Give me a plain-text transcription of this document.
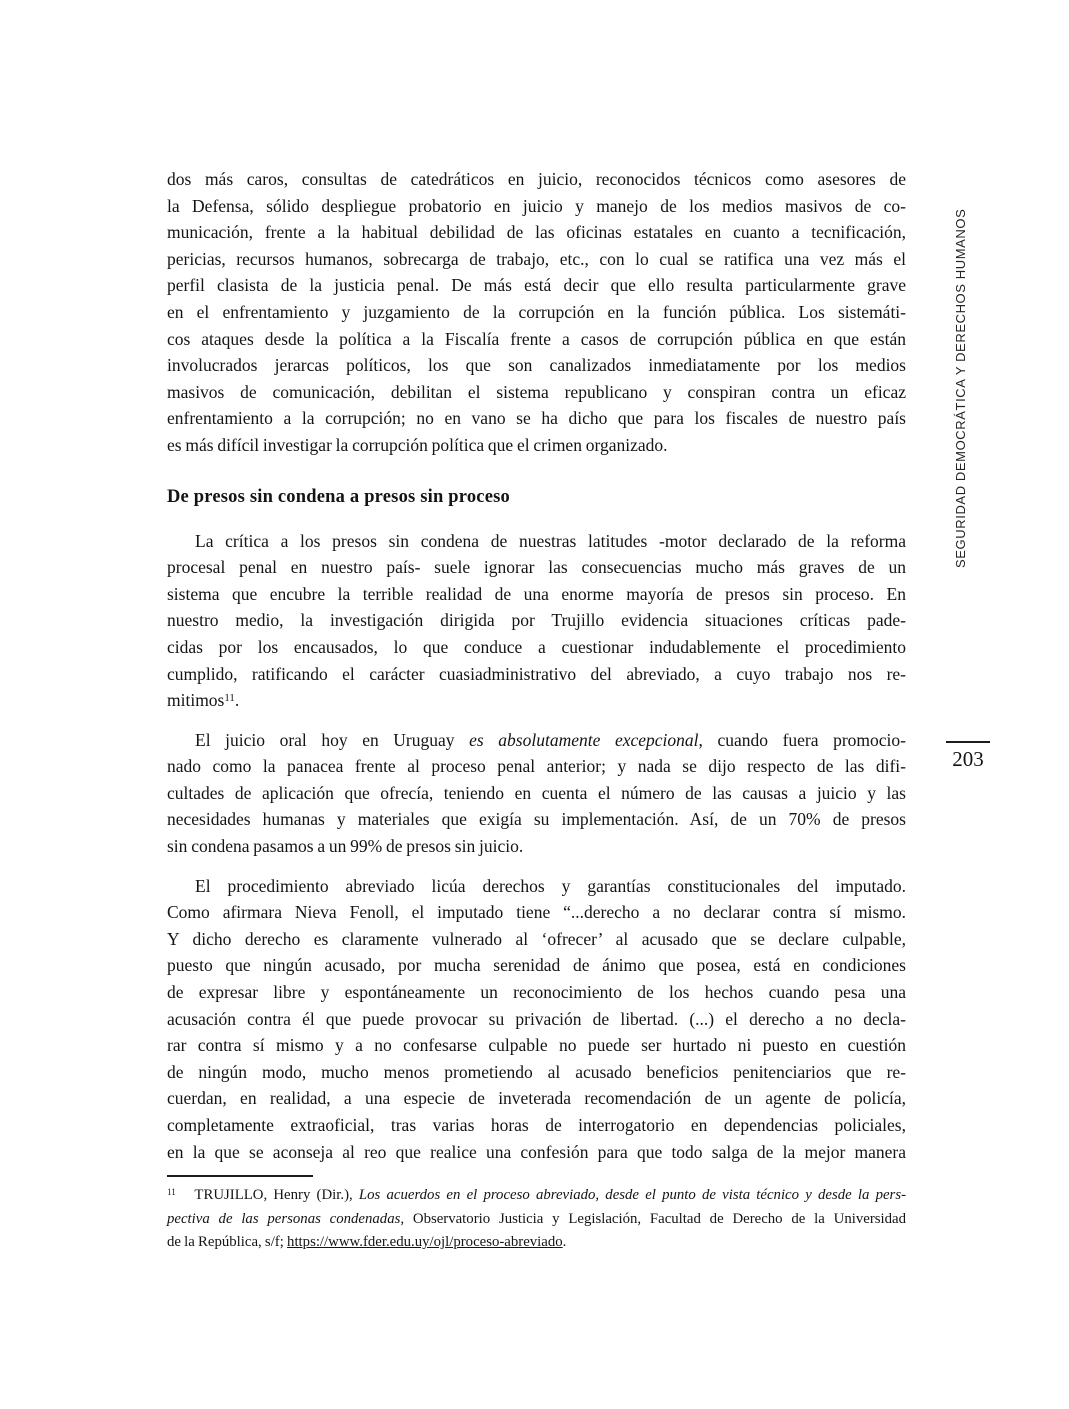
dos más caros, consultas de catedráticos en juicio, reconocidos técnicos como asesores de
la Defensa, sólido despliegue probatorio en juicio y manejo de los medios masivos de co-
municación, frente a la habitual debilidad de las oficinas estatales en cuanto a tecnificación,
pericias, recursos humanos, sobrecarga de trabajo, etc., con lo cual se ratifica una vez más el
perfil clasista de la justicia penal. De más está decir que ello resulta particularmente grave
en el enfrentamiento y juzgamiento de la corrupción en la función pública. Los sistemáti-
cos ataques desde la política a la Fiscalía frente a casos de corrupción pública en que están
involucrados jerarcas políticos, los que son canalizados inmediatamente por los medios
masivos de comunicación, debilitan el sistema republicano y conspiran contra un eficaz
enfrentamiento a la corrupción; no en vano se ha dicho que para los fiscales de nuestro país
es más difícil investigar la corrupción política que el crimen organizado.
De presos sin condena a presos sin proceso
La crítica a los presos sin condena de nuestras latitudes -motor declarado de la reforma
procesal penal en nuestro país- suele ignorar las consecuencias mucho más graves de un
sistema que encubre la terrible realidad de una enorme mayoría de presos sin proceso. En
nuestro medio, la investigación dirigida por Trujillo evidencia situaciones críticas pade-
cidas por los encausados, lo que conduce a cuestionar indudablemente el procedimiento
cumplido, ratificando el carácter cuasiadministrativo del abreviado, a cuyo trabajo nos re-
mitimos$^{11}$.
El juicio oral hoy en Uruguay es absolutamente excepcional, cuando fuera promocio-
nado como la panacea frente al proceso penal anterior; y nada se dijo respecto de las difi-
cultades de aplicación que ofrecía, teniendo en cuenta el número de las causas a juicio y las
necesidades humanas y materiales que exigía su implementación. Así, de un 70% de presos
sin condena pasamos a un 99% de presos sin juicio.
El procedimiento abreviado licúa derechos y garantías constitucionales del imputado.
Como afirmara Nieva Fenoll, el imputado tiene “...derecho a no declarar contra sí mismo.
Y dicho derecho es claramente vulnerado al ‘ofrecer’ al acusado que se declare culpable,
puesto que ningún acusado, por mucha serenidad de ánimo que posea, está en condiciones
de expresar libre y espontáneamente un reconocimiento de los hechos cuando pesa una
acusación contra él que puede provocar su privación de libertad. (...) el derecho a no decla-
rar contra sí mismo y a no confesarse culpable no puede ser hurtado ni puesto en cuestión
de ningún modo, mucho menos prometiendo al acusado beneficios penitenciarios que re-
cuerdan, en realidad, a una especie de inveterada recomendación de un agente de policía,
completamente extraoficial, tras varias horas de interrogatorio en dependencias policiales,
en la que se aconseja al reo que realice una confesión para que todo salga de la mejor manera
$^{11}$   TRUJILLO, Henry (Dir.), Los acuerdos en el proceso abreviado, desde el punto de vista técnico y desde la pers-
pectiva de las personas condenadas, Observatorio Justicia y Legislación, Facultad de Derecho de la Universidad
de la República, s/f; https://www.fder.edu.uy/ojl/proceso-abreviado.
SEGURIDAD DEMOCRÁTICA Y DERECHOS HUMANOS
203
